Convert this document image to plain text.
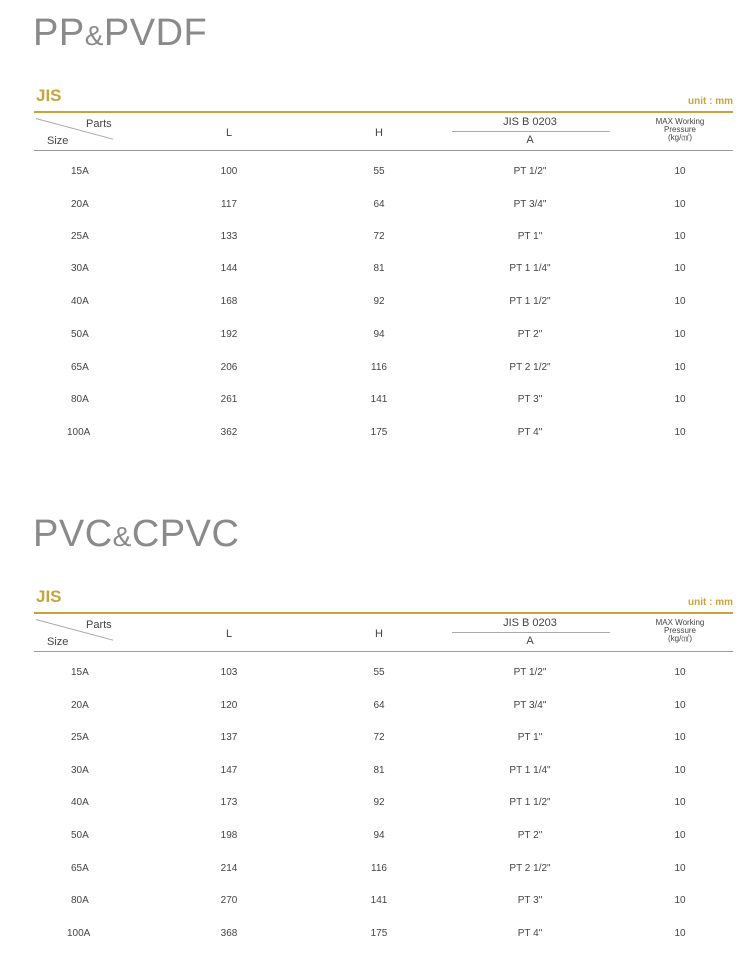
PP&PVDF
JIS	unit : mm
Parts
Size
L	H
JIS B 0203
A
MAX Working
Pressure
(kg/㎠)
15A	100	55	PT 1/2"	10
20A	117	64	PT 3/4"	10
25A	133	72	PT 1"	10
30A	144	81	PT 1 1/4"	10
40A	168	92	PT 1 1/2"	10
50A	192	94	PT 2"	10
65A	206	116	PT 2 1/2"	10
80A	261	141	PT 3"	10
100A	362	175	PT 4"	10
PVC&CPVC
JIS	unit : mm
Parts
Size
L	H
JIS B 0203
A
MAX Working
Pressure
(kg/㎠)
15A	103	55	PT 1/2"	10
20A	120	64	PT 3/4"	10
25A	137	72	PT 1"	10
30A	147	81	PT 1 1/4"	10
40A	173	92	PT 1 1/2"	10
50A	198	94	PT 2"	10
65A	214	116	PT 2 1/2"	10
80A	270	141	PT 3"	10
100A	368	175	PT 4"	10
